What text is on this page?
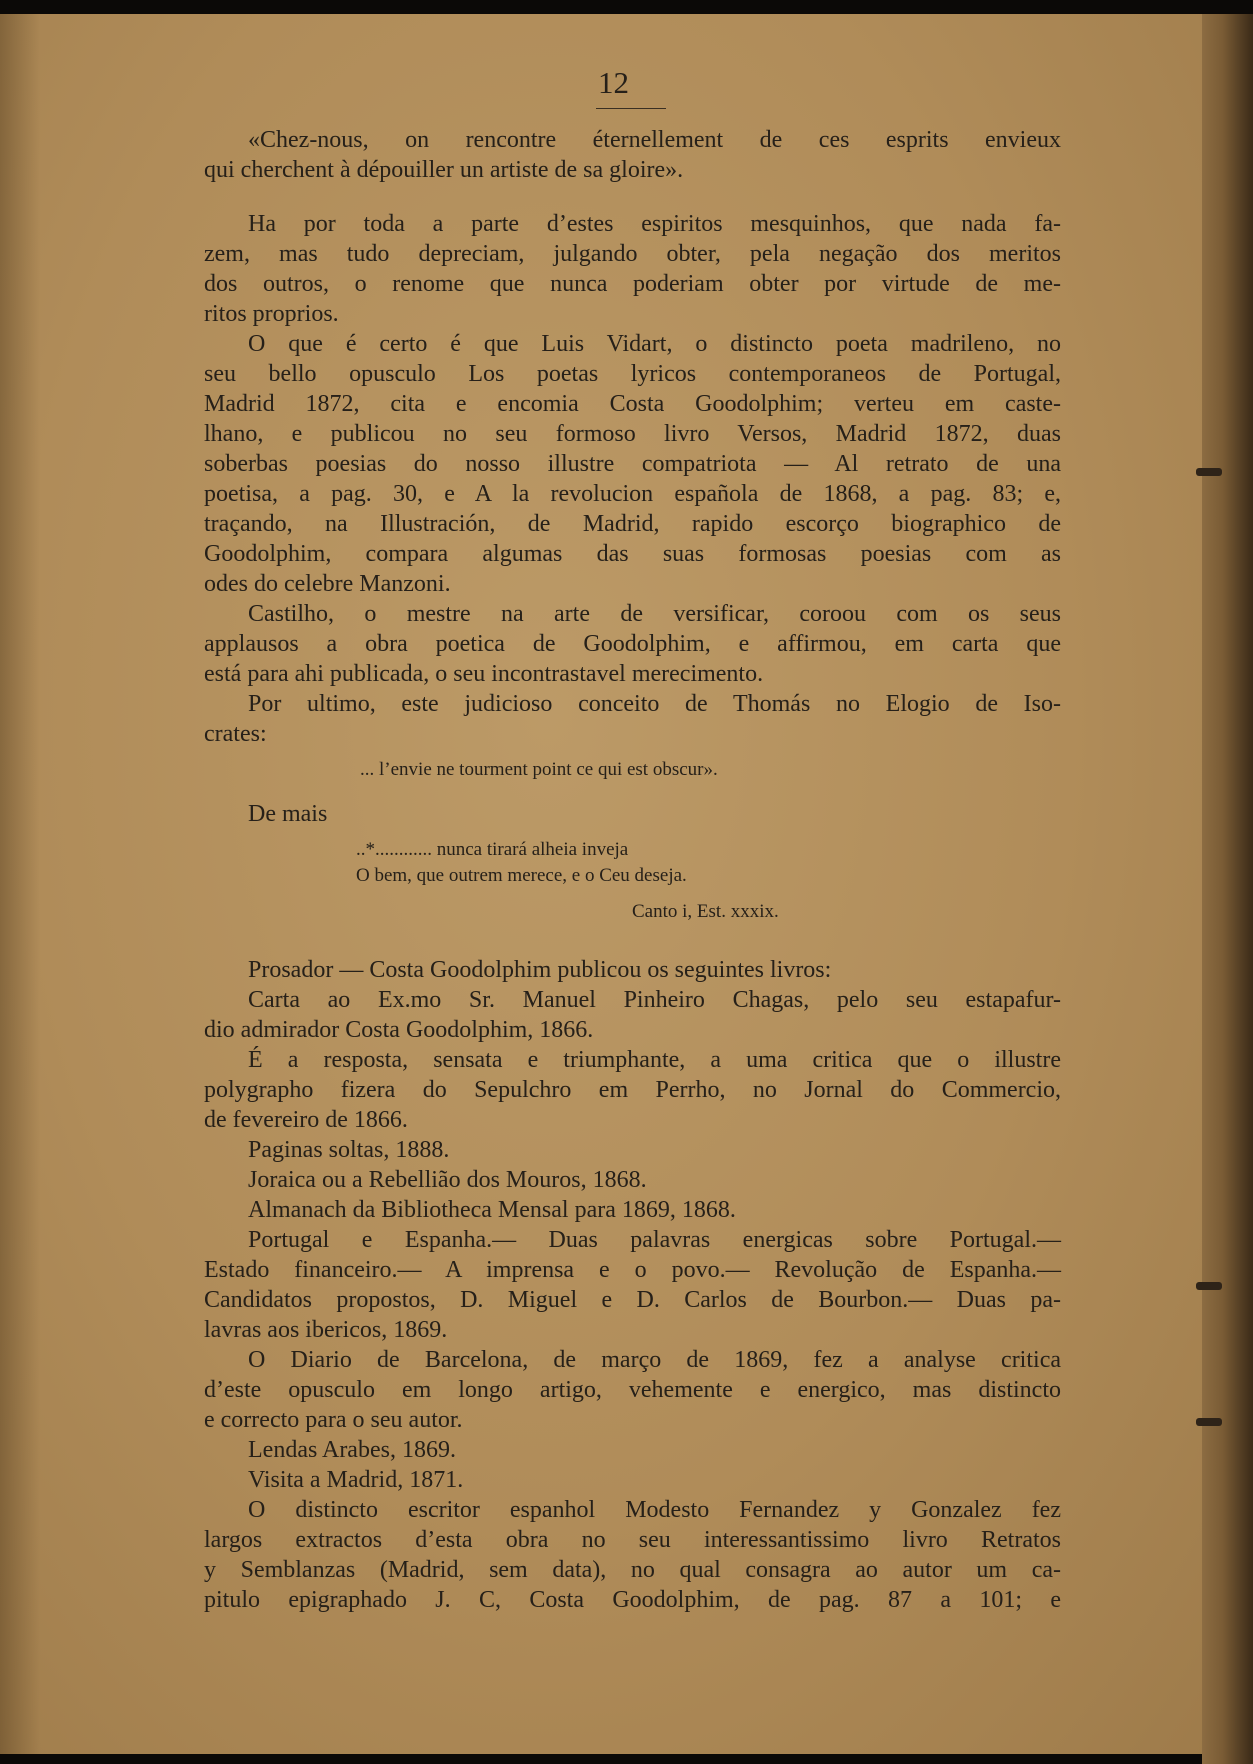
12
«Chez-nous, on rencontre éternellement de ces esprits envieux
qui cherchent à dépouiller un artiste de sa gloire».
Ha por toda a parte d’estes espiritos mesquinhos, que nada fa-
zem, mas tudo depreciam, julgando obter, pela negação dos meritos
dos outros, o renome que nunca poderiam obter por virtude de me-
ritos proprios.
O que é certo é que Luis Vidart, o distincto poeta madrileno, no
seu bello opusculo Los poetas lyricos contemporaneos de Portugal,
Madrid 1872, cita e encomia Costa Goodolphim; verteu em caste-
lhano, e publicou no seu formoso livro Versos, Madrid 1872, duas
soberbas poesias do nosso illustre compatriota — Al retrato de una
poetisa, a pag. 30, e A la revolucion española de 1868, a pag. 83; e,
traçando, na Illustración, de Madrid, rapido escorço biographico de
Goodolphim, compara algumas das suas formosas poesias com as
odes do celebre Manzoni.
Castilho, o mestre na arte de versificar, coroou com os seus
applausos a obra poetica de Goodolphim, e affirmou, em carta que
está para ahi publicada, o seu incontrastavel merecimento.
Por ultimo, este judicioso conceito de Thomás no Elogio de Iso-
crates:
... l’envie ne tourment point ce qui est obscur».
De mais
..*............ nunca tirará alheia inveja
O bem, que outrem merece, e o Ceu deseja.
Canto i, Est. xxxix.
Prosador — Costa Goodolphim publicou os seguintes livros:
Carta ao Ex.mo Sr. Manuel Pinheiro Chagas, pelo seu estapafur-
dio admirador Costa Goodolphim, 1866.
É a resposta, sensata e triumphante, a uma critica que o illustre
polygrapho fizera do Sepulchro em Perrho, no Jornal do Commercio,
de fevereiro de 1866.
Paginas soltas, 1888.
Joraica ou a Rebellião dos Mouros, 1868.
Almanach da Bibliotheca Mensal para 1869, 1868.
Portugal e Espanha.— Duas palavras energicas sobre Portugal.—
Estado financeiro.— A imprensa e o povo.— Revolução de Espanha.—
Candidatos propostos, D. Miguel e D. Carlos de Bourbon.— Duas pa-
lavras aos ibericos, 1869.
O Diario de Barcelona, de março de 1869, fez a analyse critica
d’este opusculo em longo artigo, vehemente e energico, mas distincto
e correcto para o seu autor.
Lendas Arabes, 1869.
Visita a Madrid, 1871.
O distincto escritor espanhol Modesto Fernandez y Gonzalez fez
largos extractos d’esta obra no seu interessantissimo livro Retratos
y Semblanzas (Madrid, sem data), no qual consagra ao autor um ca-
pitulo epigraphado J. C, Costa Goodolphim, de pag. 87 a 101; e
